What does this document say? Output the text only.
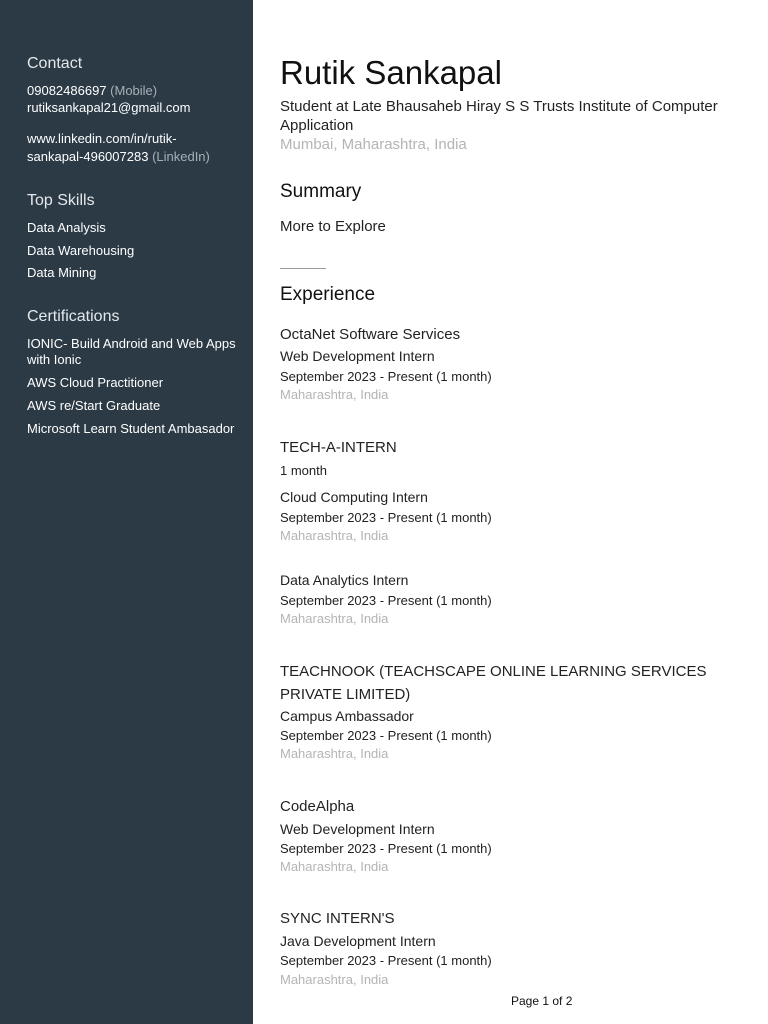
Contact

09082486697 (Mobile)

rutiksankapal21@gmail.com

www.linkedin.com/in/rutik-

sankapal-496007283 (LinkedIn)

Top Skills

Data Analysis

Data Warehousing

Data Mining

Certifications

IONIC- Build Android and Web Apps

with Ionic

AWS Cloud Practitioner

AWS re/Start Graduate

Microsoft Learn Student Ambasador

Rutik Sankapal

Student at Late Bhausaheb Hiray S S Trusts Institute of Computer Application

Mumbai, Maharashtra, India

Summary

More to Explore

Experience

OctaNet Software Services

Web Development Intern

September 2023 - Present (1 month)

Maharashtra, India

TECH-A-INTERN

1 month

Cloud Computing Intern

September 2023 - Present (1 month)

Maharashtra, India

Data Analytics Intern

September 2023 - Present (1 month)

Maharashtra, India

TEACHNOOK (TEACHSCAPE ONLINE LEARNING SERVICES PRIVATE LIMITED)

Campus Ambassador

September 2023 - Present (1 month)

Maharashtra, India

CodeAlpha

Web Development Intern

September 2023 - Present (1 month)

Maharashtra, India

SYNC INTERN'S

Java Development Intern

September 2023 - Present (1 month)

Maharashtra, India

Page 1 of 2
